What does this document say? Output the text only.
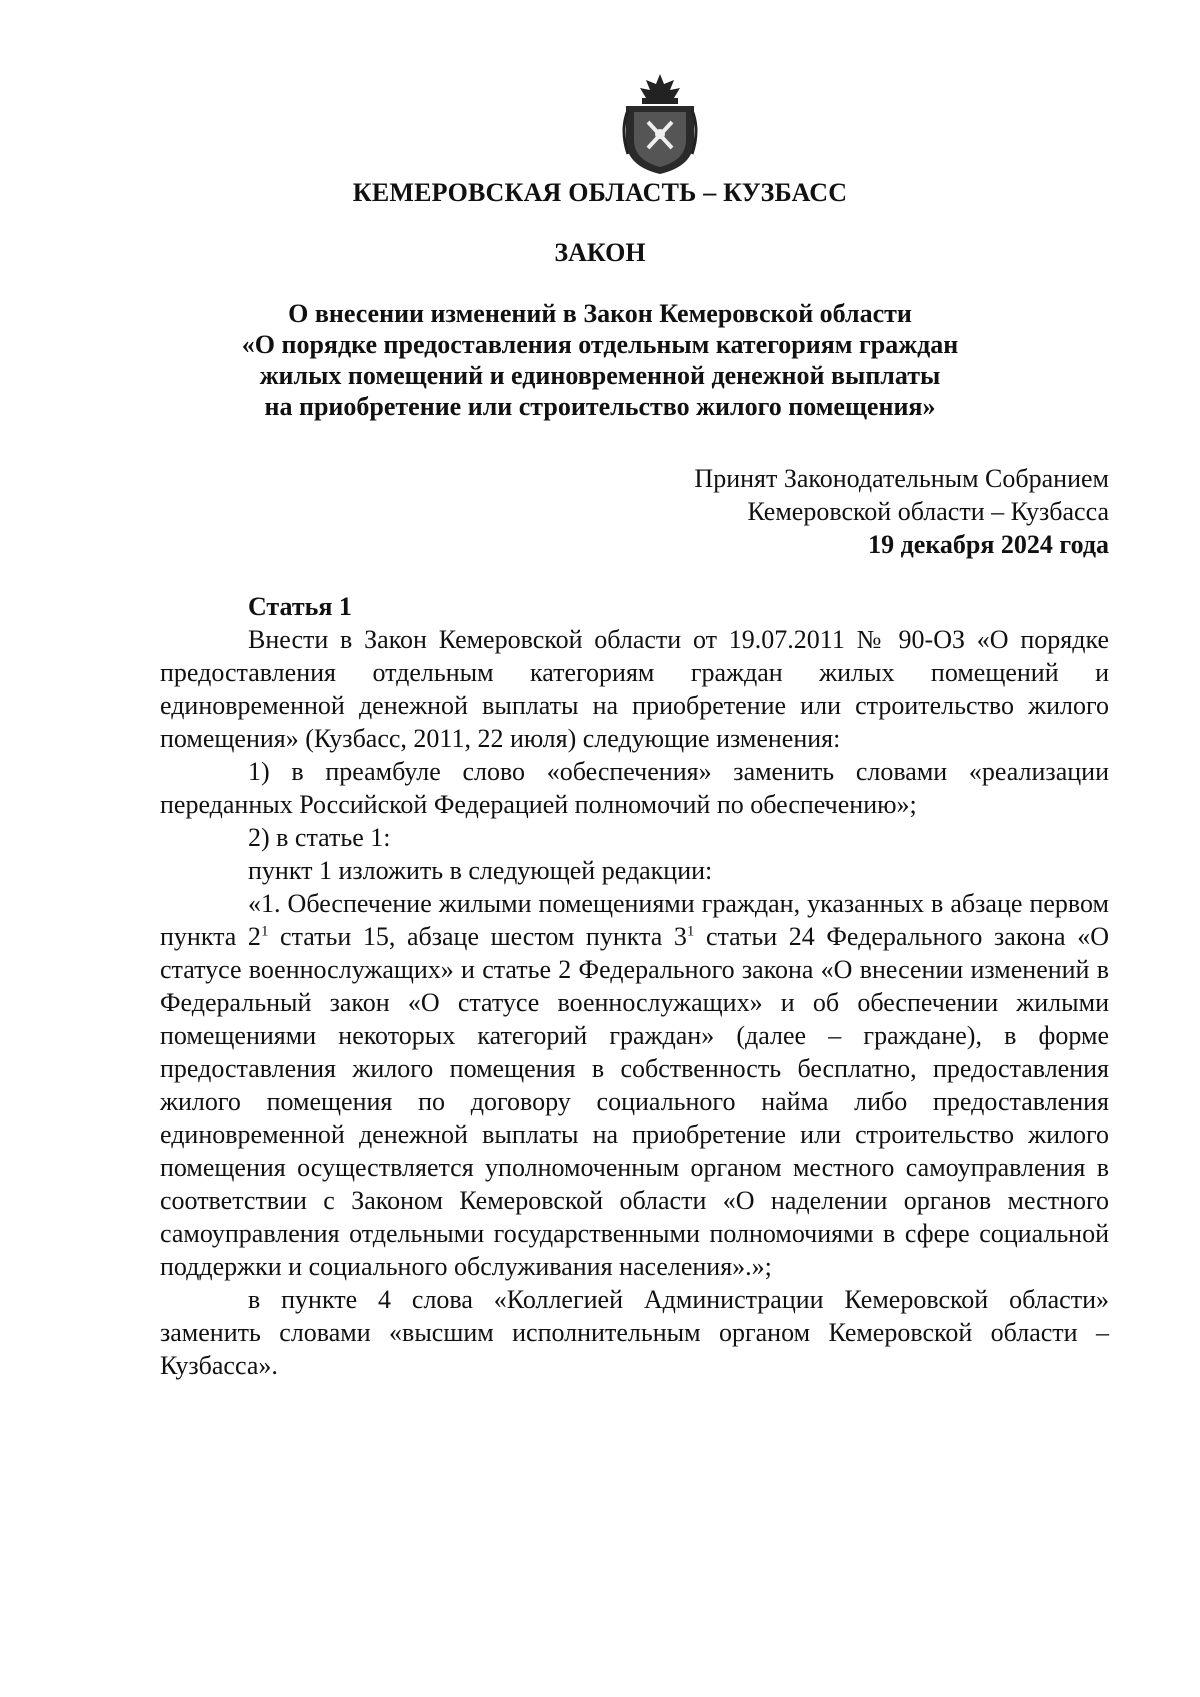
КЕМЕРОВСКАЯ ОБЛАСТЬ – КУЗБАСС
ЗАКОН
О внесении изменений в Закон Кемеровской области
«О порядке предоставления отдельным категориям граждан
жилых помещений и единовременной денежной выплаты
на приобретение или строительство жилого помещения»
Принят Законодательным Собранием
Кемеровской области – Кузбасса
19 декабря 2024 года
Статья 1

Внести в Закон Кемеровской области от 19.07.2011 № 90-ОЗ «О порядке предоставления отдельным категориям граждан жилых помещений и единовременной денежной выплаты на приобретение или строительство жилого помещения» (Кузбасс, 2011, 22 июля) следующие изменения:

1) в преамбуле слово «обеспечения» заменить словами «реализации переданных Российской Федерацией полномочий по обеспечению»;

2) в статье 1:

пункт 1 изложить в следующей редакции:

«1. Обеспечение жилыми помещениями граждан, указанных в абзаце первом пункта $2^1$ статьи 15, абзаце шестом пункта $3^1$ статьи 24 Федерального закона «О статусе военнослужащих» и статье 2 Федерального закона «О внесении изменений в Федеральный закон «О статусе военнослужащих» и об обеспечении жилыми помещениями некоторых категорий граждан» (далее – граждане), в форме предоставления жилого помещения в собственность бесплатно, предоставления жилого помещения по договору социального найма либо предоставления единовременной денежной выплаты на приобретение или строительство жилого помещения осуществляется уполномоченным органом местного самоуправления в соответствии с Законом Кемеровской области «О наделении органов местного самоуправления отдельными государственными полномочиями в сфере социальной поддержки и социального обслуживания населения».»;

в пункте 4 слова «Коллегией Администрации Кемеровской области» заменить словами «высшим исполнительным органом Кемеровской области – Кузбасса».
